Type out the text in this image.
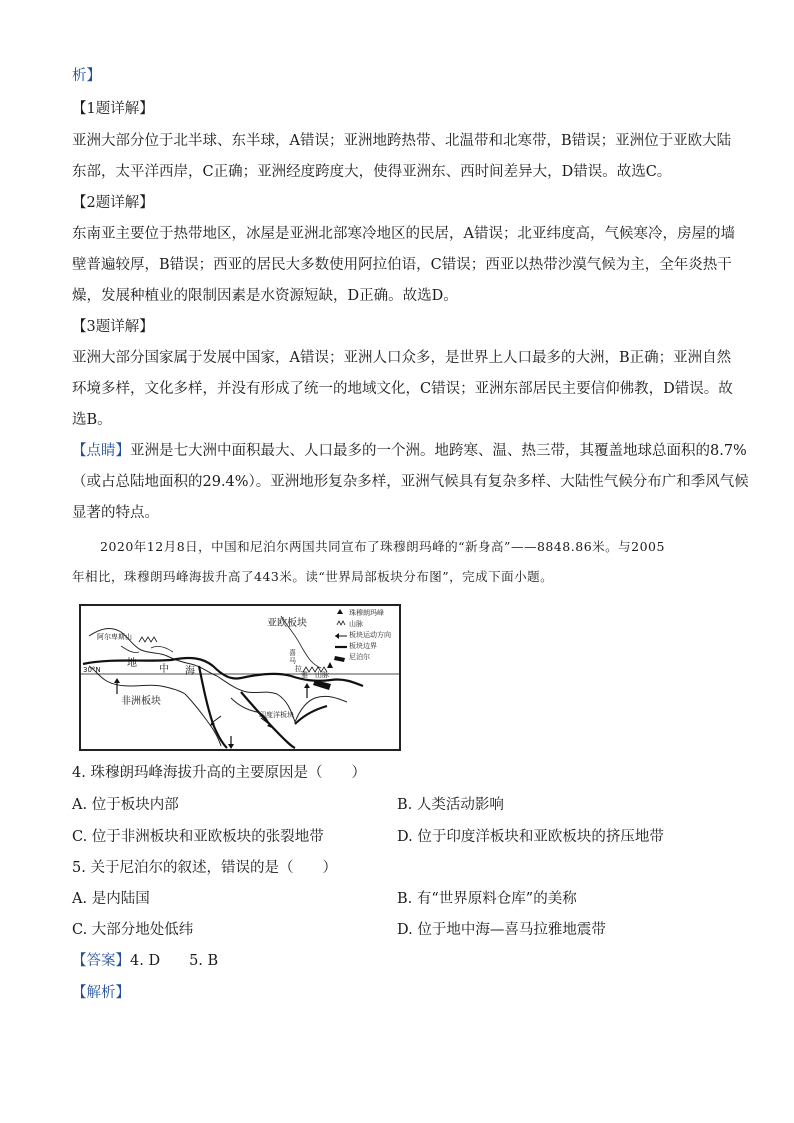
析】
【1题详解】
亚洲大部分位于北半球、东半球，A错误；亚洲地跨热带、北温带和北寒带，B错误；亚洲位于亚欧大陆
东部，太平洋西岸，C正确；亚洲经度跨度大，使得亚洲东、西时间差异大，D错误。故选C。
【2题详解】
东南亚主要位于热带地区，冰屋是亚洲北部寒冷地区的民居，A错误；北亚纬度高，气候寒冷，房屋的墙
壁普遍较厚，B错误；西亚的居民大多数使用阿拉伯语，C错误；西亚以热带沙漠气候为主，全年炎热干
燥，发展种植业的限制因素是水资源短缺，D正确。故选D。
【3题详解】
亚洲大部分国家属于发展中国家，A错误；亚洲人口众多，是世界上人口最多的大洲，B正确；亚洲自然
环境多样，文化多样，并没有形成了统一的地域文化，C错误；亚洲东部居民主要信仰佛教，D错误。故
选B。
【点睛】亚洲是七大洲中面积最大、人口最多的一个洲。地跨寒、温、热三带，其覆盖地球总面积的8.7%
（或占总陆地面积的29.4%）。亚洲地形复杂多样，亚洲气候具有复杂多样、大陆性气候分布广和季风气候
显著的特点。
2020年12月8日，中国和尼泊尔两国共同宣布了珠穆朗玛峰的“新身高”——8848.86米。与2005
年相比，珠穆朗玛峰海拔升高了443米。读“世界局部板块分布图”，完成下面小题。
亚欧板块
非洲板块
印度洋板块
30°N
地
中 海
阿尔卑斯山
山脉
喜
马
拉
雅
珠穆朗玛峰
山脉
板块运动方向
板块边界
尼泊尔
4. 珠穆朗玛峰海拔升高的主要原因是（　　）
A. 位于板块内部	B. 人类活动影响
C. 位于非洲板块和亚欧板块的张裂地带	D. 位于印度洋板块和亚欧板块的挤压地带
5. 关于尼泊尔的叙述，错误的是（　　）
A. 是内陆国	B. 有“世界原料仓库”的美称
C. 大部分地处低纬	D. 位于地中海—喜马拉雅地震带
【答案】4. D　　5. B
【解析】
